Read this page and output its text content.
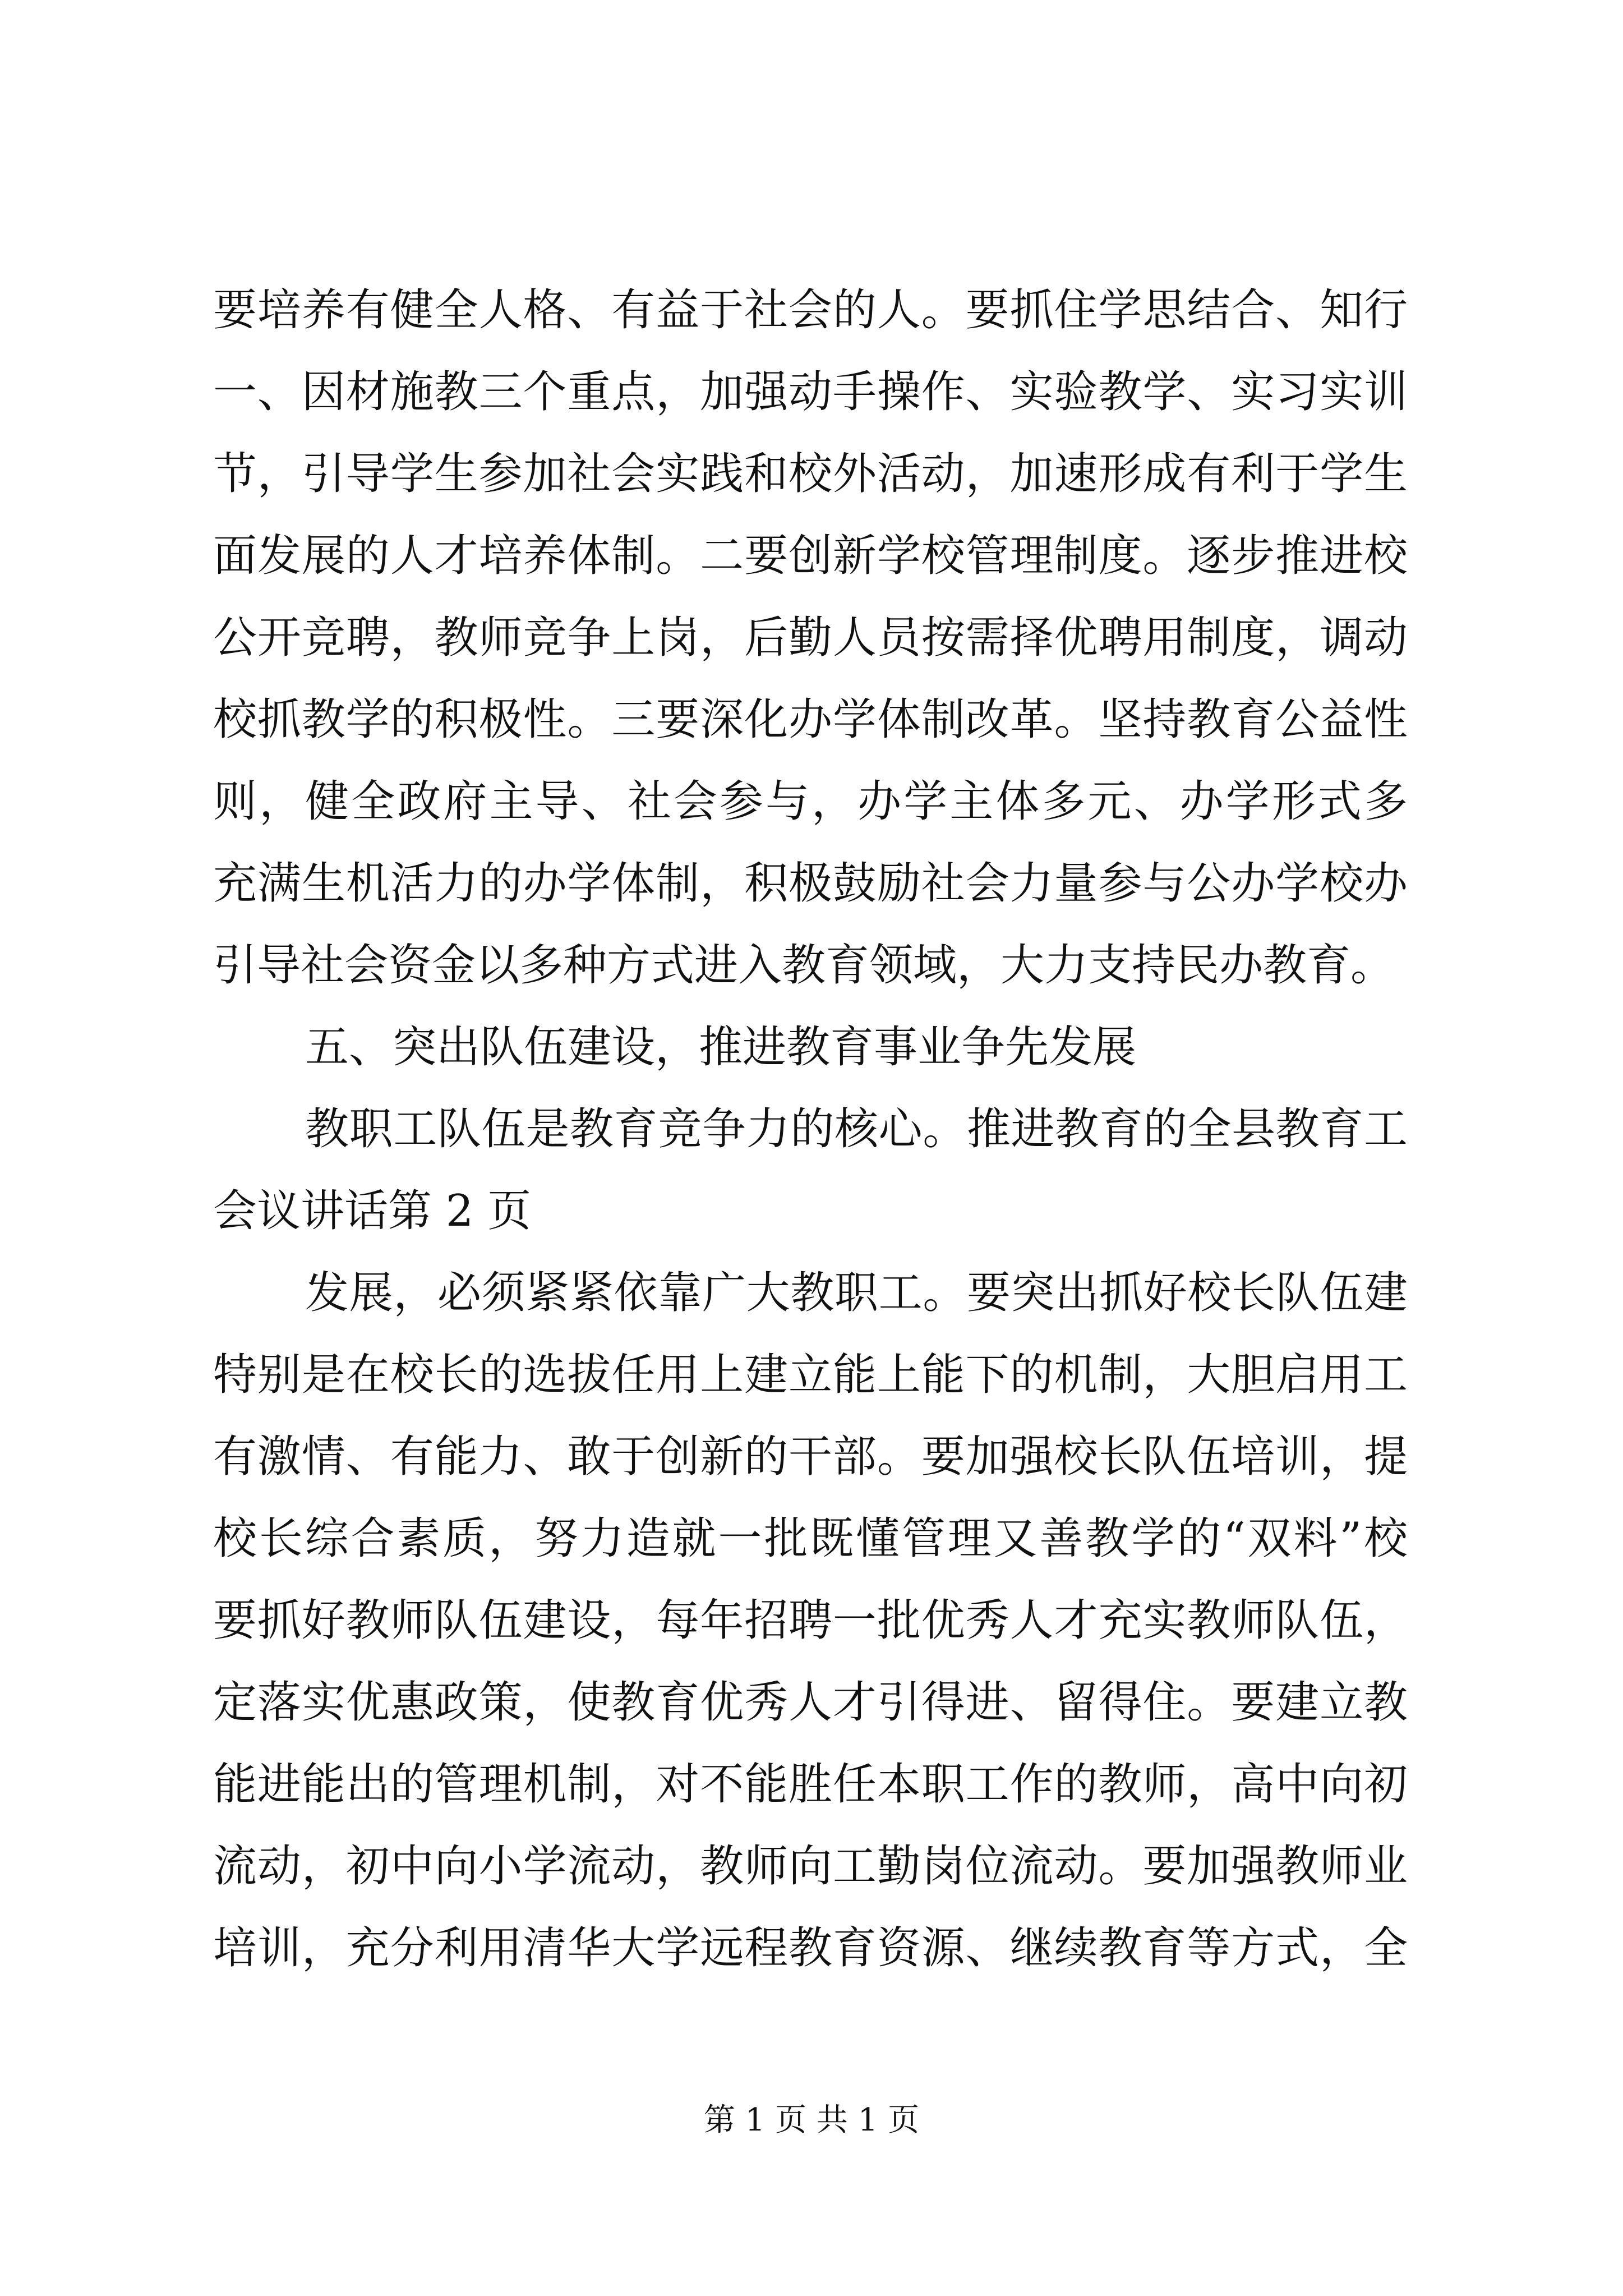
要培养有健全人格、有益于社会的人。要抓住学思结合、知行
一、因材施教三个重点，加强动手操作、实验教学、实习实训
节，引导学生参加社会实践和校外活动，加速形成有利于学生
面发展的人才培养体制。二要创新学校管理制度。逐步推进校
公开竞聘，教师竞争上岗，后勤人员按需择优聘用制度，调动
校抓教学的积极性。三要深化办学体制改革。坚持教育公益性
则，健全政府主导、社会参与，办学主体多元、办学形式多
充满生机活力的办学体制，积极鼓励社会力量参与公办学校办
引导社会资金以多种方式进入教育领域，大力支持民办教育。
五、突出队伍建设，推进教育事业争先发展
教职工队伍是教育竞争力的核心。推进教育的全县教育工
会议讲话第 2 页
发展，必须紧紧依靠广大教职工。要突出抓好校长队伍建
特别是在校长的选拔任用上建立能上能下的机制，大胆启用工
有激情、有能力、敢于创新的干部。要加强校长队伍培训，提
校长综合素质，努力造就一批既懂管理又善教学的“双料”校
要抓好教师队伍建设，每年招聘一批优秀人才充实教师队伍，
定落实优惠政策，使教育优秀人才引得进、留得住。要建立教
能进能出的管理机制，对不能胜任本职工作的教师，高中向初
流动，初中向小学流动，教师向工勤岗位流动。要加强教师业
培训，充分利用清华大学远程教育资源、继续教育等方式，全
第 1 页 共 1 页
